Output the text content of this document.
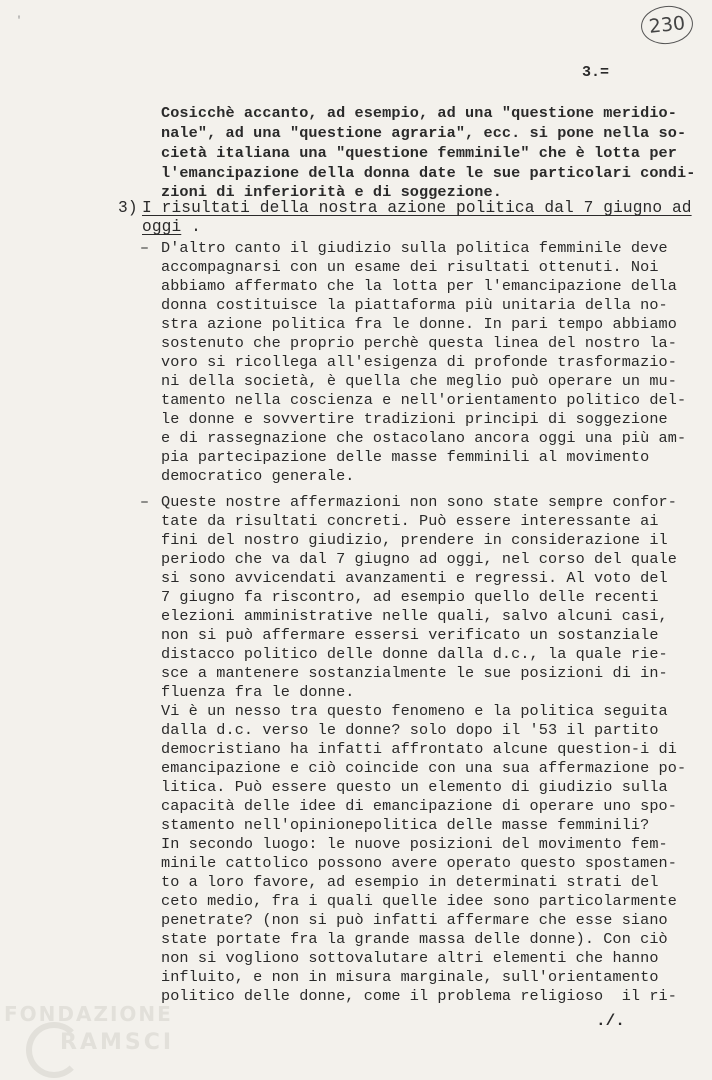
'	230
3.=
Cosicchè accanto, ad esempio, ad una "questione meridio-
nale", ad una "questione agraria", ecc. si pone nella so-
cietà italiana una "questione femminile" che è lotta per
l'emancipazione della donna date le sue particolari condi-
zioni di inferiorità e di soggezione.
3) I risultati della nostra azione politica dal 7 giugno ad
oggi .
– D'altro canto il giudizio sulla politica femminile deve
accompagnarsi con un esame dei risultati ottenuti. Noi
abbiamo affermato che la lotta per l'emancipazione della
donna costituisce la piattaforma più unitaria della no-
stra azione politica fra le donne. In pari tempo abbiamo
sostenuto che proprio perchè questa linea del nostro la-
voro si ricollega all'esigenza di profonde trasformazio-
ni della società, è quella che meglio può operare un mu-
tamento nella coscienza e nell'orientamento politico del-
le donne e sovvertire tradizioni principi di soggezione
e di rassegnazione che ostacolano ancora oggi una più am-
pia partecipazione delle masse femminili al movimento
democratico generale.
– Queste nostre affermazioni non sono state sempre confor-
tate da risultati concreti. Può essere interessante ai
fini del nostro giudizio, prendere in considerazione il
periodo che va dal 7 giugno ad oggi, nel corso del quale
si sono avvicendati avanzamenti e regressi. Al voto del
7 giugno fa riscontro, ad esempio quello delle recenti
elezioni amministrative nelle quali, salvo alcuni casi,
non si può affermare essersi verificato un sostanziale
distacco politico delle donne dalla d.c., la quale rie-
sce a mantenere sostanzialmente le sue posizioni di in-
fluenza fra le donne.
Vi è un nesso tra questo fenomeno e la politica seguita
dalla d.c. verso le donne? solo dopo il '53 il partito
democristiano ha infatti affrontato alcune question-i di
emancipazione e ciò coincide con una sua affermazione po-
litica. Può essere questo un elemento di giudizio sulla
capacità delle idee di emancipazione di operare uno spo-
stamento nell'opinionepolitica delle masse femminili?
In secondo luogo: le nuove posizioni del movimento fem-
minile cattolico possono avere operato questo spostamen-
to a loro favore, ad esempio in determinati strati del
ceto medio, fra i quali quelle idee sono particolarmente
penetrate? (non si può infatti affermare che esse siano
state portate fra la grande massa delle donne). Con ciò
non si vogliono sottovalutare altri elementi che hanno
influito, e non in misura marginale, sull'orientamento
politico delle donne, come il problema religioso  il ri-
./.
FONDAZIONE
RAMSCI
